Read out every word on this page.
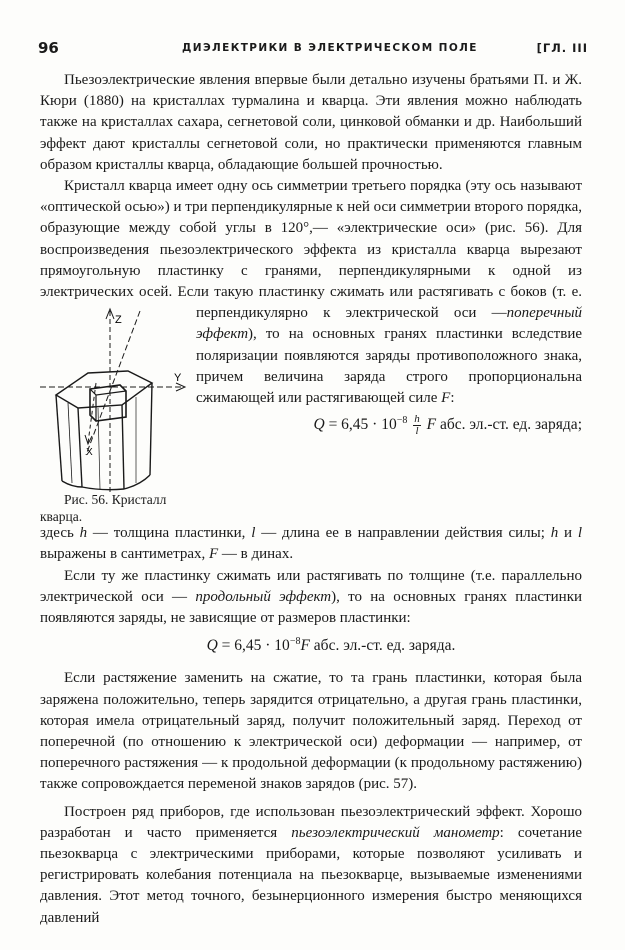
96	ДИЭЛЕКТРИКИ В ЭЛЕКТРИЧЕСКОМ ПОЛЕ	[ГЛ. III

Пьезоэлектрические явления впервые были детально изучены братьями П. и Ж. Кюри (1880) на кристаллах турмалина и кварца. Эти явления можно наблюдать также на кристаллах сахара, сегнетовой соли, цинковой обманки и др. Наибольший эффект дают кристаллы сегнетовой соли, но практически применяются главным образом кристаллы кварца, обладающие большей прочностью.

Кристалл кварца имеет одну ось симметрии третьего порядка (эту ось называют «оптической осью») и три перпендикулярные к ней оси симметрии второго порядка, образующие между собой углы в 120°,— «электрические оси» (рис. 56). Для воспроизведения пьезоэлектрического эффекта из кристалла кварца вырезают прямоугольную пластинку с гранями, перпендикулярными к одной из электрических осей. Если такую пластинку сжимать или растягивать с боков (т. е. перпендикулярно к электрической оси —
Z
Y
X
Рис. 56. Кристалл кварца.
поперечный эффект), то на основных гранях пластинки вследствие поляризации появляются заряды противоположного знака, причем величина заряда строго пропорциональна сжимающей или растягивающей силе F:

$Q = 6,45 \cdot 10^{-8} \frac{h}{l}$ F абс. эл.-ст. ед. заряда;

здесь h — толщина пластинки, l — длина ее в направлении действия силы; h и l выражены в сантиметрах, F — в динах.

Если ту же пластинку сжимать или растягивать по толщине (т.е. параллельно электрической оси — продольный эффект), то на основных гранях пластинки появляются заряды, не зависящие от размеров пластинки:

$Q = 6,45 \cdot 10^{-8}F$ абс. эл.-ст. ед. заряда.

Если растяжение заменить на сжатие, то та грань пластинки, которая была заряжена положительно, теперь зарядится отрицательно, а другая грань пластинки, которая имела отрицательный заряд, получит положительный заряд. Переход от поперечной (по отношению к электрической оси) деформации — например, от поперечного растяжения — к продольной деформации (к продольному растяжению) также сопровождается переменой знаков зарядов (рис. 57).

Построен ряд приборов, где использован пьезоэлектрический эффект. Хорошо разработан и часто применяется пьезоэлектрический манометр: сочетание пьезокварца с электрическими приборами, которые позволяют усиливать и регистрировать колебания потенциала на пьезокварце, вызываемые изменениями давления. Этот метод точного, безынерционного измерения быстро меняющихся давлений
